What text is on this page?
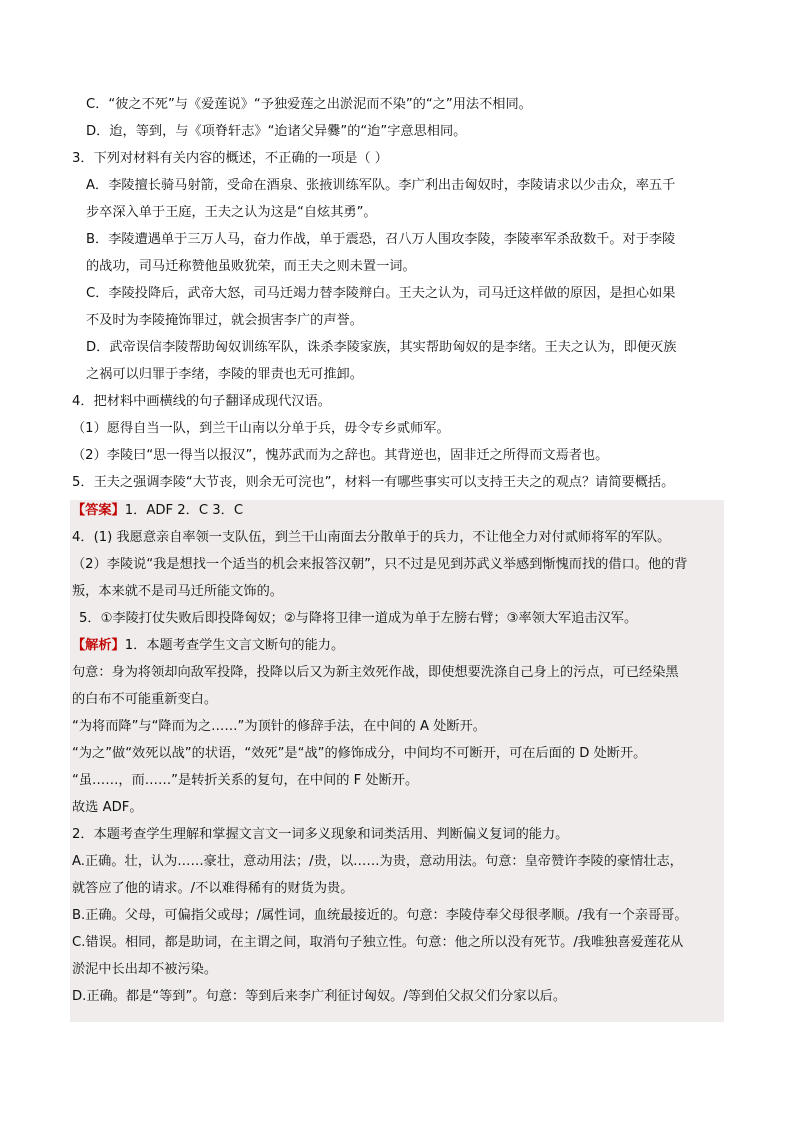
C．“彼之不死”与《爱莲说》“予独爱莲之出淤泥而不染”的“之”用法不相同。
D．迨，等到，与《项脊轩志》“迨诸父异爨”的“迨”字意思相同。
3．下列对材料有关内容的概述，不正确的一项是（ ）
A．李陵擅长骑马射箭，受命在酒泉、张掖训练军队。李广利出击匈奴时，李陵请求以少击众，率五千
步卒深入单于王庭，王夫之认为这是“自炫其勇”。
B．李陵遭遇单于三万人马，奋力作战，单于震恐，召八万人围攻李陵，李陵率军杀敌数千。对于李陵
的战功，司马迁称赞他虽败犹荣，而王夫之则未置一词。
C．李陵投降后，武帝大怒，司马迁竭力替李陵辩白。王夫之认为，司马迁这样做的原因，是担心如果
不及时为李陵掩饰罪过，就会损害李广的声誉。
D．武帝误信李陵帮助匈奴训练军队，诛杀李陵家族，其实帮助匈奴的是李绪。王夫之认为，即便灭族
之祸可以归罪于李绪，李陵的罪责也无可推卸。
4．把材料中画横线的句子翻译成现代汉语。
（1）愿得自当一队，到兰干山南以分单于兵，毋令专乡贰师军。
（2）李陵曰“思一得当以报汉”，愧苏武而为之辞也。其背逆也，固非迁之所得而文焉者也。
5．王夫之强调李陵“大节丧，则余无可浣也”，材料一有哪些事实可以支持王夫之的观点？请简要概括。
【答案】1．ADF 2．C 3．C
4．(1) 我愿意亲自率领一支队伍，到兰干山南面去分散单于的兵力，不让他全力对付贰师将军的军队。
（2）李陵说“我是想找一个适当的机会来报答汉朝”，只不过是见到苏武义举感到惭愧而找的借口。他的背
叛，本来就不是司马迁所能文饰的。
5．①李陵打仗失败后即投降匈奴；②与降将卫律一道成为单于左膀右臂；③率领大军追击汉军。
【解析】1．本题考查学生文言文断句的能力。
句意：身为将领却向敌军投降，投降以后又为新主效死作战，即使想要洗涤自己身上的污点，可已经染黑
的白布不可能重新变白。
“为将而降”与“降而为之……”为顶针的修辞手法，在中间的 A 处断开。
“为之”做“效死以战”的状语，“效死”是“战”的修饰成分，中间均不可断开，可在后面的 D 处断开。
“虽……，而……”是转折关系的复句，在中间的 F 处断开。
故选 ADF。
2．本题考查学生理解和掌握文言文一词多义现象和词类活用、判断偏义复词的能力。
A.正确。壮，认为……豪壮，意动用法；/贵，以……为贵，意动用法。句意：皇帝赞许李陵的豪情壮志，
就答应了他的请求。/不以难得稀有的财货为贵。
B.正确。父母，可偏指父或母；/属性词，血统最接近的。句意：李陵侍奉父母很孝顺。/我有一个亲哥哥。
C.错误。相同，都是助词，在主谓之间，取消句子独立性。句意：他之所以没有死节。/我唯独喜爱莲花从
淤泥中长出却不被污染。
D.正确。都是“等到”。句意：等到后来李广利征讨匈奴。/等到伯父叔父们分家以后。
